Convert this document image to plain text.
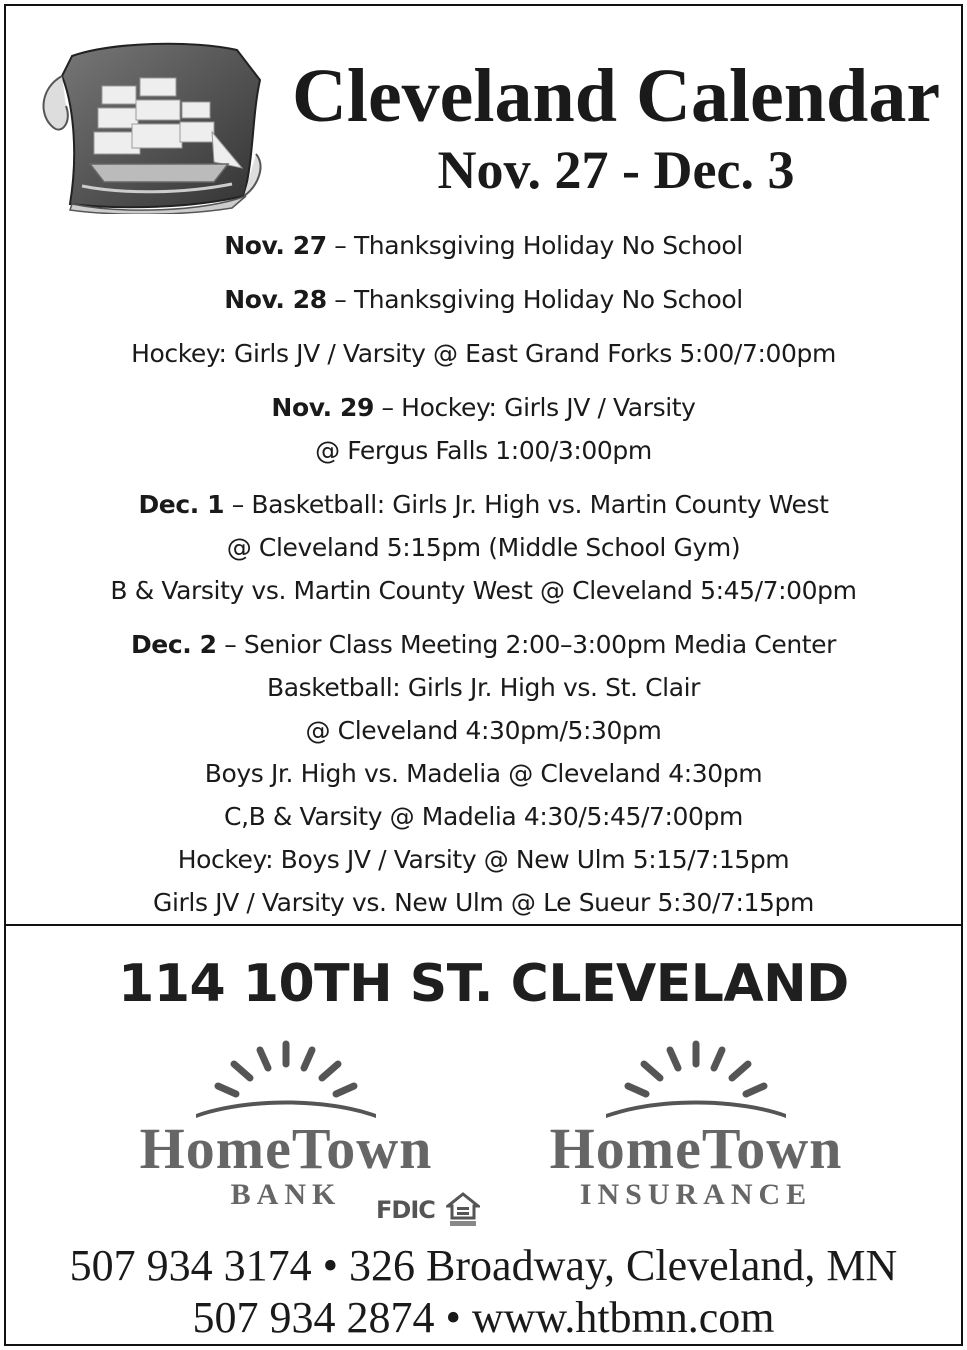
Cleveland Calendar
Nov. 27 - Dec. 3
Nov. 27 – Thanksgiving Holiday No School
Nov. 28 – Thanksgiving Holiday No School
Hockey: Girls JV / Varsity @ East Grand Forks 5:00/7:00pm
Nov. 29 – Hockey: Girls JV / Varsity
@ Fergus Falls 1:00/3:00pm
Dec. 1 – Basketball: Girls Jr. High vs. Martin County West
@ Cleveland 5:15pm (Middle School Gym)
B & Varsity vs. Martin County West @ Cleveland 5:45/7:00pm
Dec. 2 – Senior Class Meeting 2:00–3:00pm Media Center
Basketball: Girls Jr. High vs. St. Clair
@ Cleveland 4:30pm/5:30pm
Boys Jr. High vs. Madelia @ Cleveland 4:30pm
C,B & Varsity @ Madelia 4:30/5:45/7:00pm
Hockey: Boys JV / Varsity @ New Ulm 5:15/7:15pm
Girls JV / Varsity vs. New Ulm @ Le Sueur 5:30/7:15pm
114 10TH ST. CLEVELAND
HomeTown
BANK	FDIC
HomeTown
INSURANCE
507 934 3174 • 326 Broadway, Cleveland, MN
507 934 2874 • www.htbmn.com
